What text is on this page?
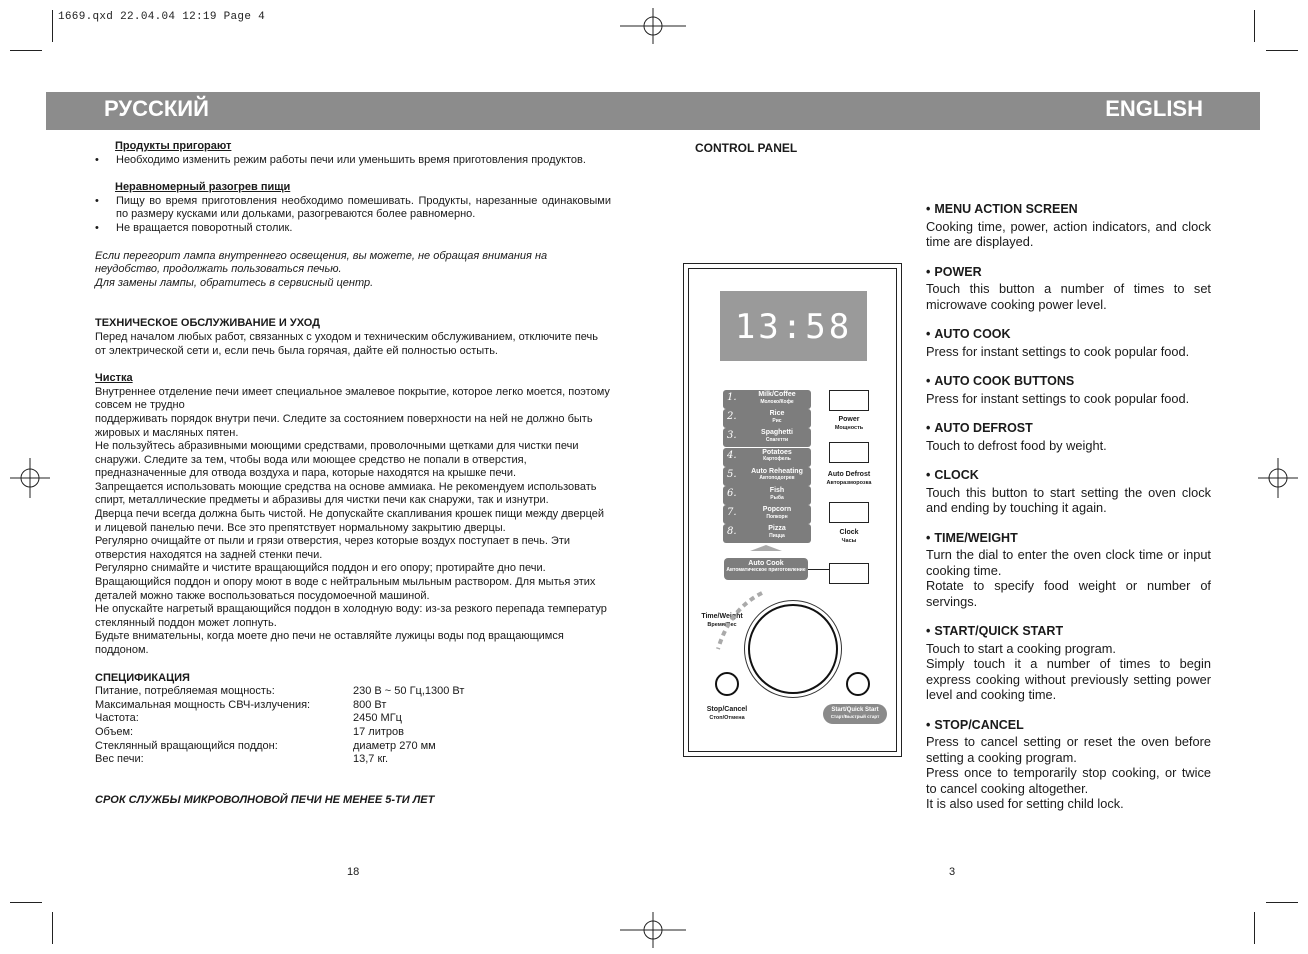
1669.qxd 22.04.04 12:19 Page 4
РУССКИЙ	ENGLISH

Продукты пригорают

• Необходимо изменить режим работы печи или уменьшить время приготовления продуктов.

Неравномерный разогрев пищи

• Пищу во время приготовления необходимо помешивать. Продукты, нарезанные одинаковыми по размеру кусками или дольками, разогреваются более равномерно.

• Не вращается поворотный столик.

Если перегорит лампа внутреннего освещения, вы можете, не обращая внимания на неудобство, продолжать пользоваться печью.

Для замены лампы, обратитесь в сервисный центр.

ТЕХНИЧЕСКОЕ ОБСЛУЖИВАНИЕ И УХОД

Перед началом любых работ, связанных с уходом и техническим обслуживанием, отключите печь от электрической сети и, если печь была горячая, дайте ей полностью остыть.

Чистка

Внутреннее отделение печи имеет специальное эмалевое покрытие, которое легко моется, поэтому совсем не трудно

поддерживать порядок внутри печи. Следите за состоянием поверхности на ней не должно быть жировых и масляных пятен.

Не пользуйтесь абразивными моющими средствами, проволочными щетками для чистки печи снаружи. Следите за тем, чтобы вода или моющее средство не попали в отверстия, предназначенные для отвода воздуха и пара, которые находятся на крышке печи.

Запрещается использовать моющие средства на основе аммиака. Не рекомендуем использовать спирт, металлические предметы и абразивы для чистки печи как снаружи, так и изнутри.

Дверца печи всегда должна быть чистой. Не допускайте скапливания крошек пищи между дверцей и лицевой панелью печи. Все это препятствует нормальному закрытию дверцы.

Регулярно очищайте от пыли и грязи отверстия, через которые воздух поступает в печь. Эти отверстия находятся на задней стенки печи.

Регулярно снимайте и чистите вращающийся поддон и его опору; протирайте дно печи.

Вращающийся поддон и опору моют в воде с нейтральным мыльным раствором. Для мытья этих деталей можно также воспользоваться посудомоечной машиной.

Не опускайте нагретый вращающийся поддон в холодную воду: из-за резкого перепада температур стеклянный поддон может лопнуть.

Будьте внимательны, когда моете дно печи не оставляйте лужицы воды под вращающимся поддоном.

СПЕЦИФИКАЦИЯ

Питание, потребляемая мощность:	230 В ~ 50 Гц,1300 Вт
Максимальная мощность СВЧ-излучения:	800 Вт
Частота:	2450 МГц
Объем:	17 литров
Стеклянный вращающийся поддон:	диаметр 270 мм
Вес печи:	13,7 кг.

СРОК СЛУЖБЫ МИКРОВОЛНОВОЙ ПЕЧИ НЕ МЕНЕЕ 5-ТИ ЛЕТ

18	3
CONTROL PANEL
13:58
1.	Milk/Coffee
Молоко/Кофе
2.	Rice
Рис
3.	Spaghetti
Спагетти
4.	Potatoes
Картофель
5.	Auto Reheating
Автоподогрев
6.	Fish
Рыба
7.	Popcorn
Попкорн
8.	Pizza
Пицца
Power
Мощность
Auto Defrost
Авторазморозка
Clock
Часы
Auto Cook
Автоматическое приготовление
Time/Weight
Время/Вес
Stop/Cancel
Стоп/Отмена
Start/Quick Start
Старт/Быстрый старт
• MENU ACTION SCREEN
Cooking time, power, action indicators, and clock time are displayed.
• POWER
Touch this button a number of times to set microwave cooking power level.
• AUTO COOK
Press for instant settings to cook popular food.
• AUTO COOK BUTTONS
Press for instant settings to cook popular food.
• AUTO DEFROST
Touch to defrost food by weight.
• CLOCK
Touch this button to start setting the oven clock and ending by touching it again.
• TIME/WEIGHT
Turn the dial to enter the oven clock time or input cooking time.
Rotate to specify food weight or number of servings.
• START/QUICK START
Touch to start a cooking program.
Simply touch it a number of times to begin express cooking without previously setting power level and cooking time.
• STOP/CANCEL
Press to cancel setting or reset the oven before setting a cooking program.
Press once to temporarily stop cooking, or twice to cancel cooking altogether.
It is also used for setting child lock.
